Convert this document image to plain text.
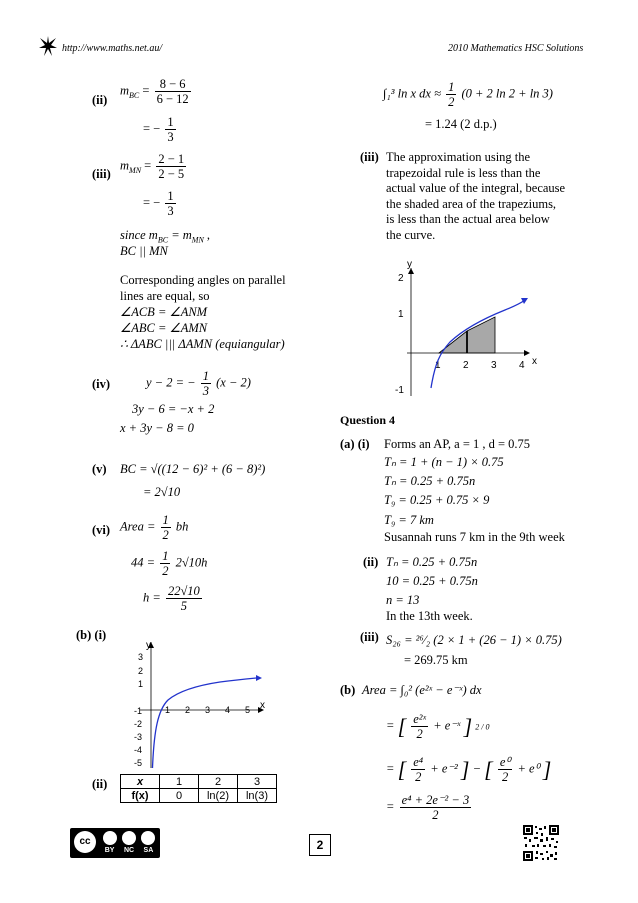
http://www.maths.net.au/	2010 Mathematics HSC Solutions
(ii)
$m_{BC} = \frac{8 - 6}{6 - 12}$
= − $\frac{1}{3}$
(iii)
$m_{MN} = \frac{2 - 1}{2 - 5}$
= − $\frac{1}{3}$
since $m_{BC} = m_{MN}$ ,
BC || MN
Corresponding angles on parallel
lines are equal, so
∠ACB = ∠ANM
∠ABC = ∠AMN
∴ ΔABC ||| ΔAMN (equiangular)
(iv)	y − 2 = − $\frac{1}{3} (x - 2)$
3y − 6 = −x + 2
x + 3y − 8 = 0
(v) BC = √((12 − 6)² + (6 − 8)²)
= 2√10
(vi) Area = $\frac{1}{2}$ bh
$44 = \frac{1}{2} 2√10h$
$h = \frac{22√10}{5}$
(b) (i)
y
x
3
2
1
-1
-2
-3
-4
-5
1 2 3 4 5
(ii)	x	1	2	3
f(x)	0	ln(2)	ln(3)
∫₁³ ln x dx ≈ $\frac{1}{2} (0 + 2$ ln 2 + ln 3)
= 1.24 (2 d.p.)
(iii) The approximation using the
trapezoidal rule is less than the
actual value of the integral, because
the shaded area of the trapeziums,
is less than the actual area below
the curve.
y
x
2
1
-1
1 2 3 4
Question 4
(a) (i) Forms an AP, a = 1 , d = 0.75
Tₙ = 1 + (n − 1) × 0.75
Tₙ = 0.25 + 0.75n
T₉ = 0.25 + 0.75 × 9
T₉ = 7 km
Susannah runs 7 km in the 9th week
(ii) Tₙ = 0.25 + 0.75n
10 = 0.25 + 0.75n
n = 13
In the 13th week.
(iii) S₂₆ = ²⁶⁄₂ (2 × 1 + (26 − 1) × 0.75)
= 269.75 km
(b) Area = ∫₀² (e²ˣ − e⁻ˣ) dx
= [ $\frac{\text{e²ˣ}}{2}$ + e⁻ˣ ] 2 / 0
= [ $\frac{\text{e⁴}}{2} + e^{-2}$ ] − [ $\frac{\text{e⁰}}{2} + e^0$ ]
= $\frac{\text{e⁴ + 2e⁻² − 3}}{2}$
cc
BY NC SA	2
